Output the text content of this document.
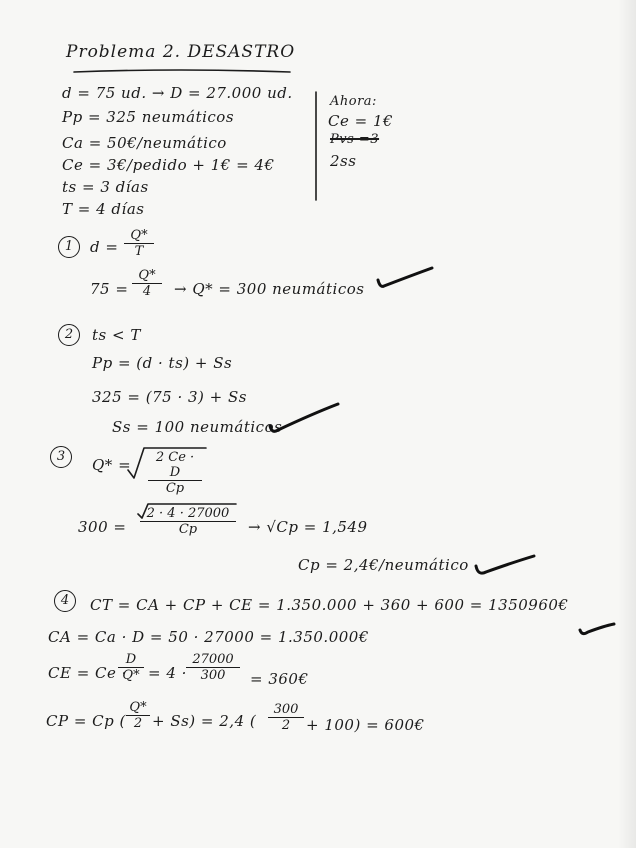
Problema 2. DESASTRO
d = 75 ud. → D = 27.000 ud.
Pp = 325 neumáticos
Ca = 50€/neumático
Ce = 3€/pedido + 1€ = 4€
ts = 3 días
T = 4 días
Ahora:
Ce = 1€
Pvs =3
2ss
1	$d = \frac{Q*}{T}$
$75 = \frac{Q*}{4} \to Q* = 300$ neumáticos
2	ts < T
Pp = (d · ts) + Ss
325 = (75 · 3) + Ss
Ss = 100 neumáticos
3	$Q* = \frac{2 Ce \cdot D}{Cp}$
$300 = \frac{2 \cdot 4 \cdot 27000}{Cp} \to √Cp = 1,549$
Cp = 2,4€/neumático
4	CT = CA + CP + CE = 1.350.000 + 360 + 600 = 1350960€
CA = Ca · D = 50 · 27000 = 1.350.000€
CE = Ce ·
$\frac{D}{Q*} = 4 \cdot \frac{27000}{300}$ = 360€
CP = Cp ( $\frac{Q*}{2} + Ss) = 2,4$ ( $\frac{300}{2} + 100$) = 600€
